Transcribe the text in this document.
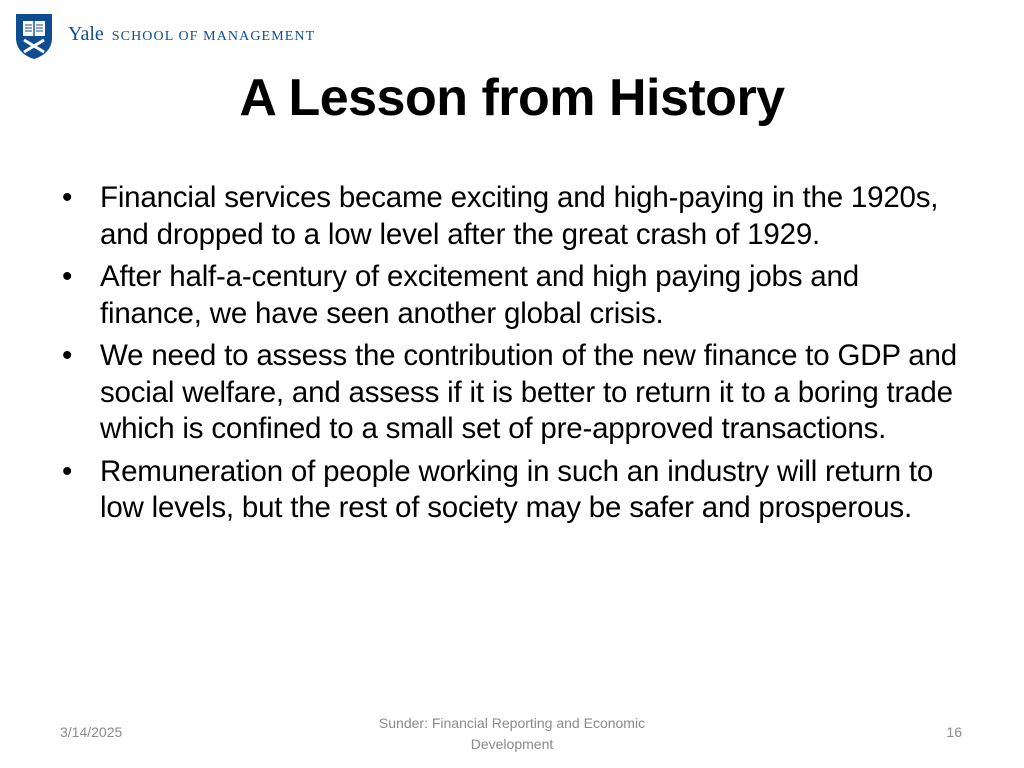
Yale SCHOOL OF MANAGEMENT
A Lesson from History
• Financial services became exciting and high-paying in the 1920s, and dropped to a low level after the great crash of 1929.
• After half-a-century of excitement and high paying jobs and finance, we have seen another global crisis.
• We need to assess the contribution of the new finance to GDP and social welfare, and assess if it is better to return it to a boring trade which is confined to a small set of pre-approved transactions.
• Remuneration of people working in such an industry will return to low levels, but the rest of society may be safer and prosperous.
3/14/2025
Sunder: Financial Reporting and Economic Development
16
